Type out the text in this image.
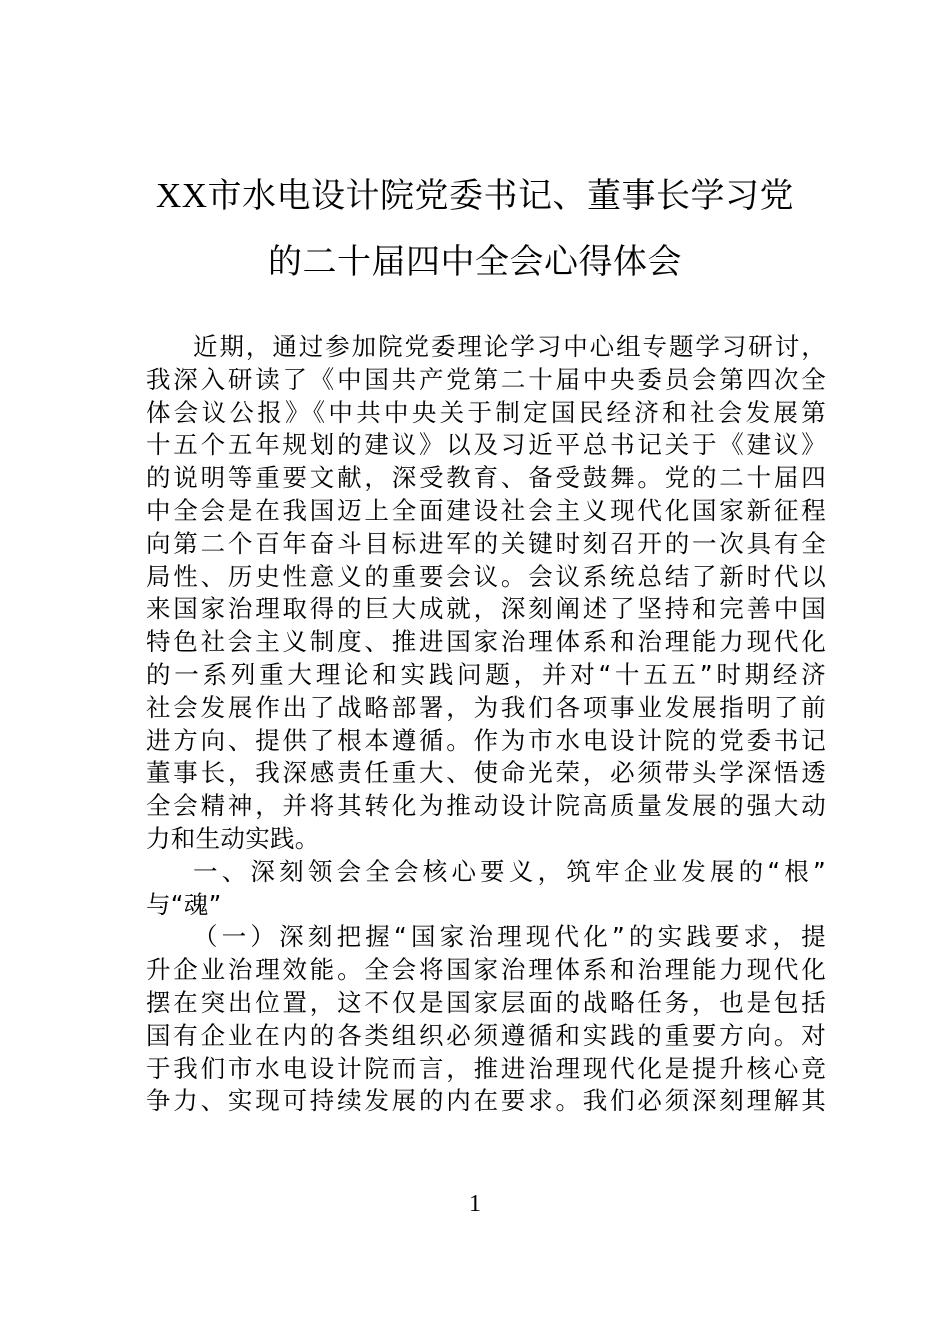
XX市水电设计院党委书记、董事长学习党
的二十届四中全会心得体会
近期，通过参加院党委理论学习中心组专题学习研讨，
我深入研读了《中国共产党第二十届中央委员会第四次全
体会议公报》《中共中央关于制定国民经济和社会发展第
十五个五年规划的建议》以及习近平总书记关于《建议》
的说明等重要文献，深受教育、备受鼓舞。党的二十届四
中全会是在我国迈上全面建设社会主义现代化国家新征程
向第二个百年奋斗目标进军的关键时刻召开的一次具有全
局性、历史性意义的重要会议。会议系统总结了新时代以
来国家治理取得的巨大成就，深刻阐述了坚持和完善中国
特色社会主义制度、推进国家治理体系和治理能力现代化
的一系列重大理论和实践问题，并对“十五五”时期经济
社会发展作出了战略部署，为我们各项事业发展指明了前
进方向、提供了根本遵循。作为市水电设计院的党委书记
董事长，我深感责任重大、使命光荣，必须带头学深悟透
全会精神，并将其转化为推动设计院高质量发展的强大动
力和生动实践。
一、深刻领会全会核心要义，筑牢企业发展的“根”
与“魂”
（一）深刻把握“国家治理现代化”的实践要求，提
升企业治理效能。全会将国家治理体系和治理能力现代化
摆在突出位置，这不仅是国家层面的战略任务，也是包括
国有企业在内的各类组织必须遵循和实践的重要方向。对
于我们市水电设计院而言，推进治理现代化是提升核心竞
争力、实现可持续发展的内在要求。我们必须深刻理解其
1
